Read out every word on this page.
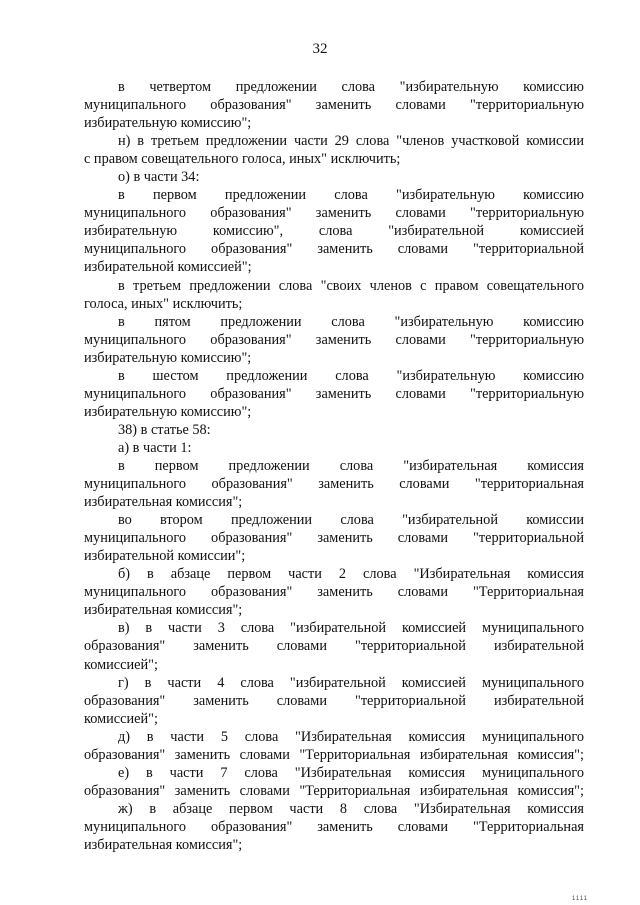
32
в четвертом предложении слова "избирательную комиссию
муниципального образования" заменить словами "территориальную
избирательную комиссию";
н) в третьем предложении части 29 слова "членов участковой комиссии
с правом совещательного голоса, иных" исключить;
о) в части 34:
в первом предложении слова "избирательную комиссию
муниципального образования" заменить словами "территориальную
избирательную комиссию", слова "избирательной комиссией
муниципального образования" заменить словами "территориальной
избирательной комиссией";
в третьем предложении слова "своих членов с правом совещательного
голоса, иных" исключить;
в пятом предложении слова "избирательную комиссию
муниципального образования" заменить словами "территориальную
избирательную комиссию";
в шестом предложении слова "избирательную комиссию
муниципального образования" заменить словами "территориальную
избирательную комиссию";
38) в статье 58:
а) в части 1:
в первом предложении слова "избирательная комиссия
муниципального образования" заменить словами "территориальная
избирательная комиссия";
во втором предложении слова "избирательной комиссии
муниципального образования" заменить словами "территориальной
избирательной комиссии";
б) в абзаце первом части 2 слова "Избирательная комиссия
муниципального образования" заменить словами "Территориальная
избирательная комиссия";
в) в части 3 слова "избирательной комиссией муниципального
образования" заменить словами "территориальной избирательной
комиссией";
г) в части 4 слова "избирательной комиссией муниципального
образования" заменить словами "территориальной избирательной
комиссией";
д) в части 5 слова "Избирательная комиссия муниципального
образования" заменить словами "Территориальная избирательная комиссия";
е) в части 7 слова "Избирательная комиссия муниципального
образования" заменить словами "Территориальная избирательная комиссия";
ж) в абзаце первом части 8 слова "Избирательная комиссия
муниципального образования" заменить словами "Территориальная
избирательная комиссия";
1111
